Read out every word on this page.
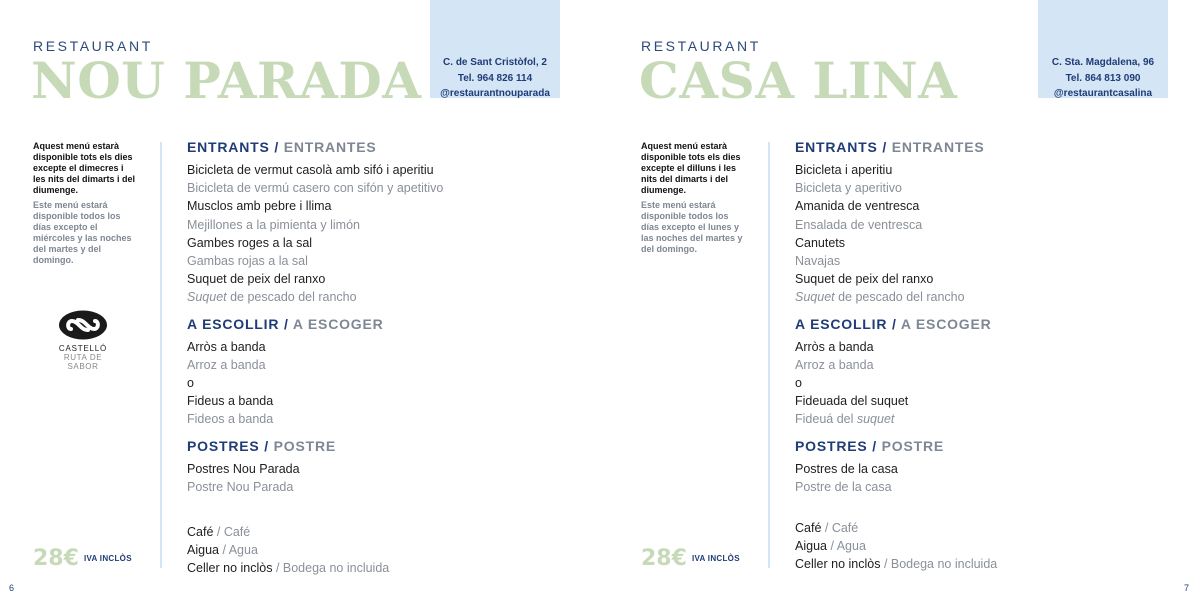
RESTAURANT
NOU PARADA	C. de Sant Cristòfol, 2
Tel. 964 826 114
@restaurantnouparada
Aquest menú estarà disponible tots els dies excepte el dimecres i les nits del dimarts i del diumenge.
Este menú estará disponible todos los días excepto el miércoles y las noches del martes y del domingo.
CASTELLÓ
RUTA DE
SABOR
ENTRANTS / ENTRANTES
Bicicleta de vermut casolà amb sifó i aperitiu
Bicicleta de vermú casero con sifón y apetitivo
Musclos amb pebre i llima
Mejillones a la pimienta y limón
Gambes roges a la sal
Gambas rojas a la sal
Suquet de peix del ranxo
Suquet de pescado del rancho
A ESCOLLIR / A ESCOGER
Arròs a banda
Arroz a banda
o
Fideus a banda
Fideos a banda
POSTRES / POSTRE
Postres Nou Parada
Postre Nou Parada
Café / Café
Aigua / Agua
Celler no inclòs / Bodega no incluida
28€ IVA INCLÒS
6
RESTAURANT
CASA LINA	C. Sta. Magdalena, 96
Tel. 864 813 090
@restaurantcasalina
Aquest menú estarà disponible tots els dies excepte el dilluns i les nits del dimarts i del diumenge.
Este menú estará disponible todos los días excepto el lunes y las noches del martes y del domingo.
ENTRANTS / ENTRANTES
Bicicleta i aperitiu
Bicicleta y aperitivo
Amanida de ventresca
Ensalada de ventresca
Canutets
Navajas
Suquet de peix del ranxo
Suquet de pescado del rancho
A ESCOLLIR / A ESCOGER
Arròs a banda
Arroz a banda
o
Fideuada del suquet
Fideuá del suquet
POSTRES / POSTRE
Postres de la casa
Postre de la casa
Café / Café
Aigua / Agua
Celler no inclòs / Bodega no incluida
28€ IVA INCLÒS
7
